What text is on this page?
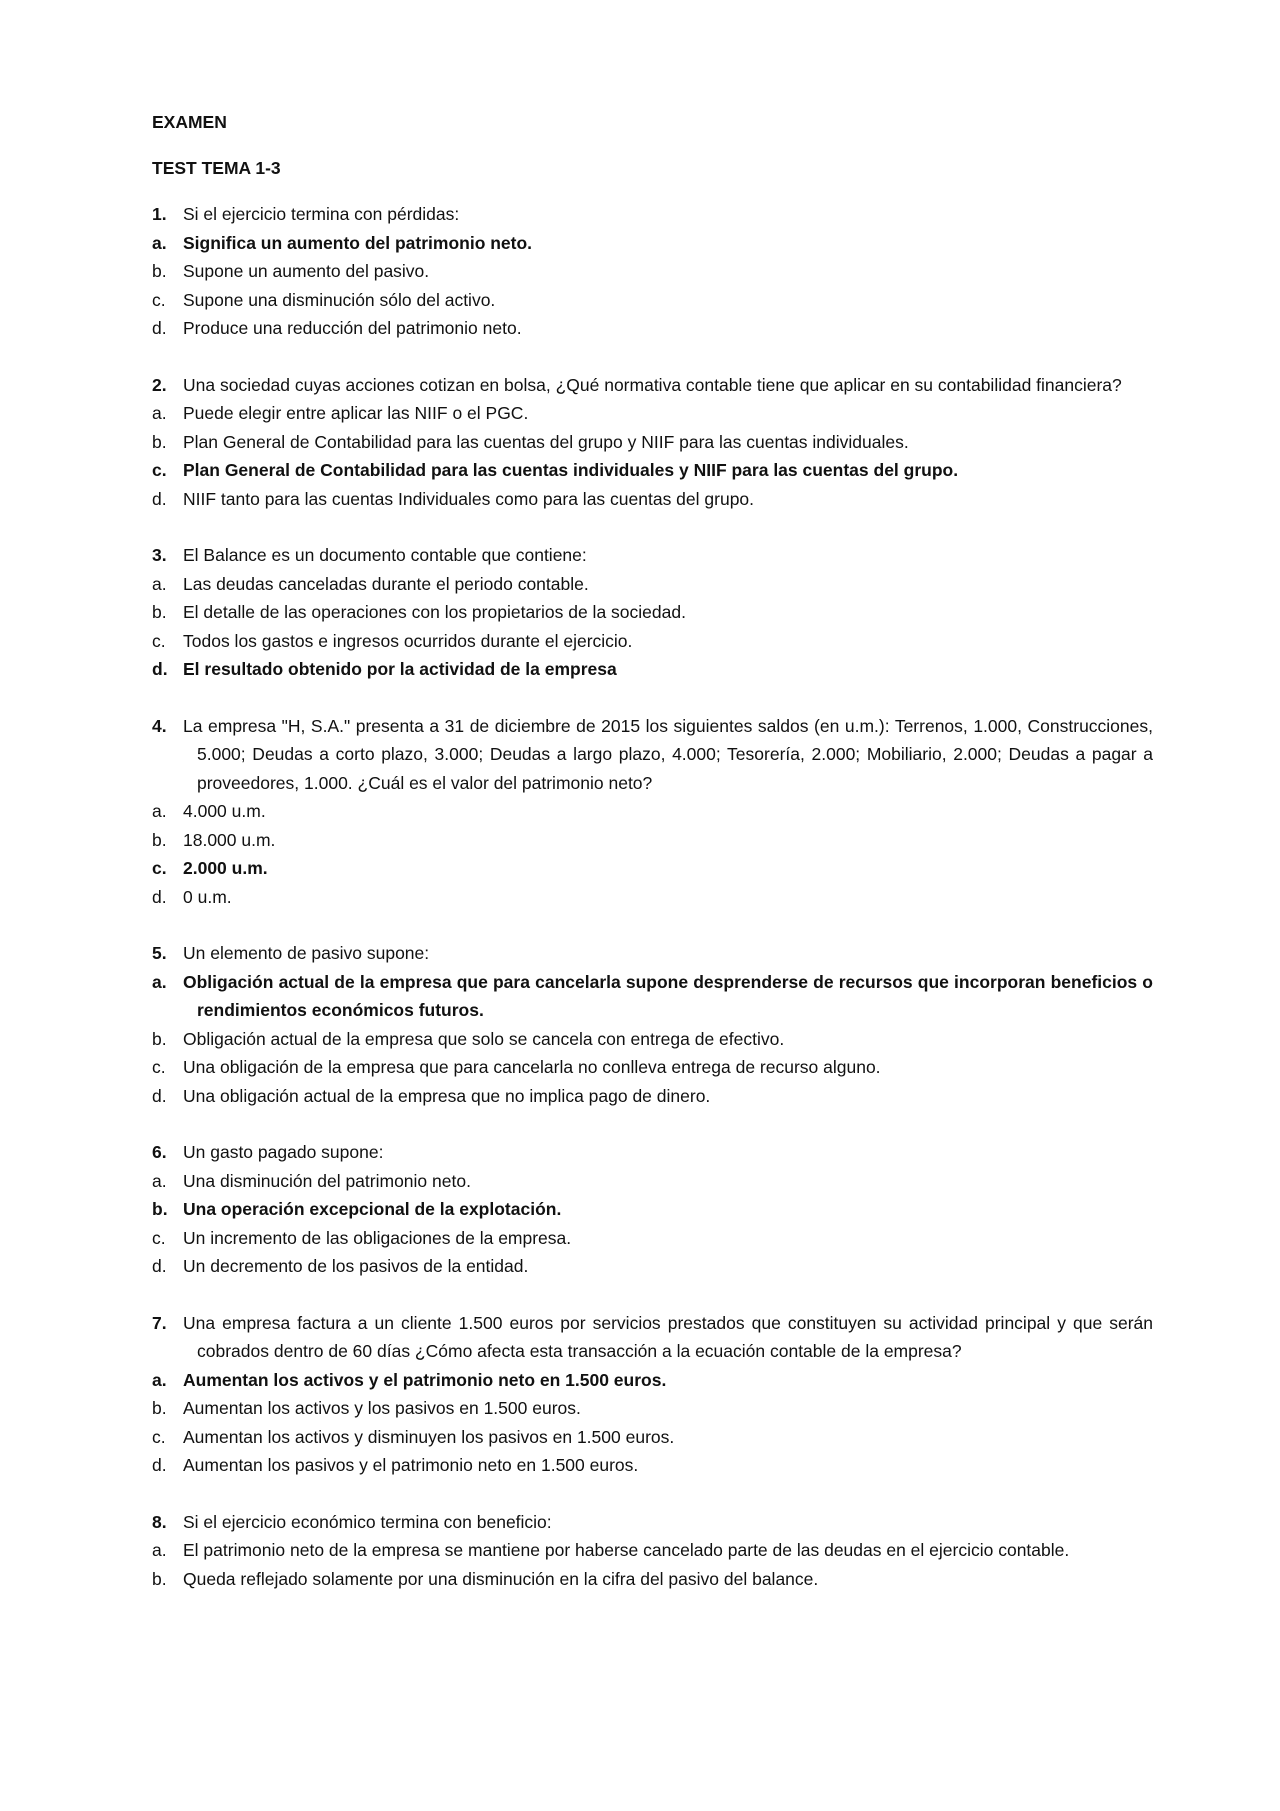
EXAMEN
TEST TEMA 1-3
1. Si el ejercicio termina con pérdidas:
a. Significa un aumento del patrimonio neto.
b. Supone un aumento del pasivo.
c. Supone una disminución sólo del activo.
d. Produce una reducción del patrimonio neto.
2. Una sociedad cuyas acciones cotizan en bolsa, ¿Qué normativa contable tiene que aplicar en su contabilidad financiera?
a. Puede elegir entre aplicar las NIIF o el PGC.
b. Plan General de Contabilidad para las cuentas del grupo y NIIF para las cuentas individuales.
c. Plan General de Contabilidad para las cuentas individuales y NIIF para las cuentas del grupo.
d. NIIF tanto para las cuentas Individuales como para las cuentas del grupo.
3. El Balance es un documento contable que contiene:
a. Las deudas canceladas durante el periodo contable.
b. El detalle de las operaciones con los propietarios de la sociedad.
c. Todos los gastos e ingresos ocurridos durante el ejercicio.
d. El resultado obtenido por la actividad de la empresa
4. La empresa "H, S.A." presenta a 31 de diciembre de 2015 los siguientes saldos (en u.m.): Terrenos, 1.000, Construcciones, 5.000; Deudas a corto plazo, 3.000; Deudas a largo plazo, 4.000; Tesorería, 2.000; Mobiliario, 2.000; Deudas a pagar a proveedores, 1.000. ¿Cuál es el valor del patrimonio neto?
a. 4.000 u.m.
b. 18.000 u.m.
c. 2.000 u.m.
d. 0 u.m.
5. Un elemento de pasivo supone:
a. Obligación actual de la empresa que para cancelarla supone desprenderse de recursos que incorporan beneficios o rendimientos económicos futuros.
b. Obligación actual de la empresa que solo se cancela con entrega de efectivo.
c. Una obligación de la empresa que para cancelarla no conlleva entrega de recurso alguno.
d. Una obligación actual de la empresa que no implica pago de dinero.
6. Un gasto pagado supone:
a. Una disminución del patrimonio neto.
b. Una operación excepcional de la explotación.
c. Un incremento de las obligaciones de la empresa.
d. Un decremento de los pasivos de la entidad.
7. Una empresa factura a un cliente 1.500 euros por servicios prestados que constituyen su actividad principal y que serán cobrados dentro de 60 días ¿Cómo afecta esta transacción a la ecuación contable de la empresa?
a. Aumentan los activos y el patrimonio neto en 1.500 euros.
b. Aumentan los activos y los pasivos en 1.500 euros.
c. Aumentan los activos y disminuyen los pasivos en 1.500 euros.
d. Aumentan los pasivos y el patrimonio neto en 1.500 euros.
8. Si el ejercicio económico termina con beneficio:
a. El patrimonio neto de la empresa se mantiene por haberse cancelado parte de las deudas en el ejercicio contable.
b. Queda reflejado solamente por una disminución en la cifra del pasivo del balance.
